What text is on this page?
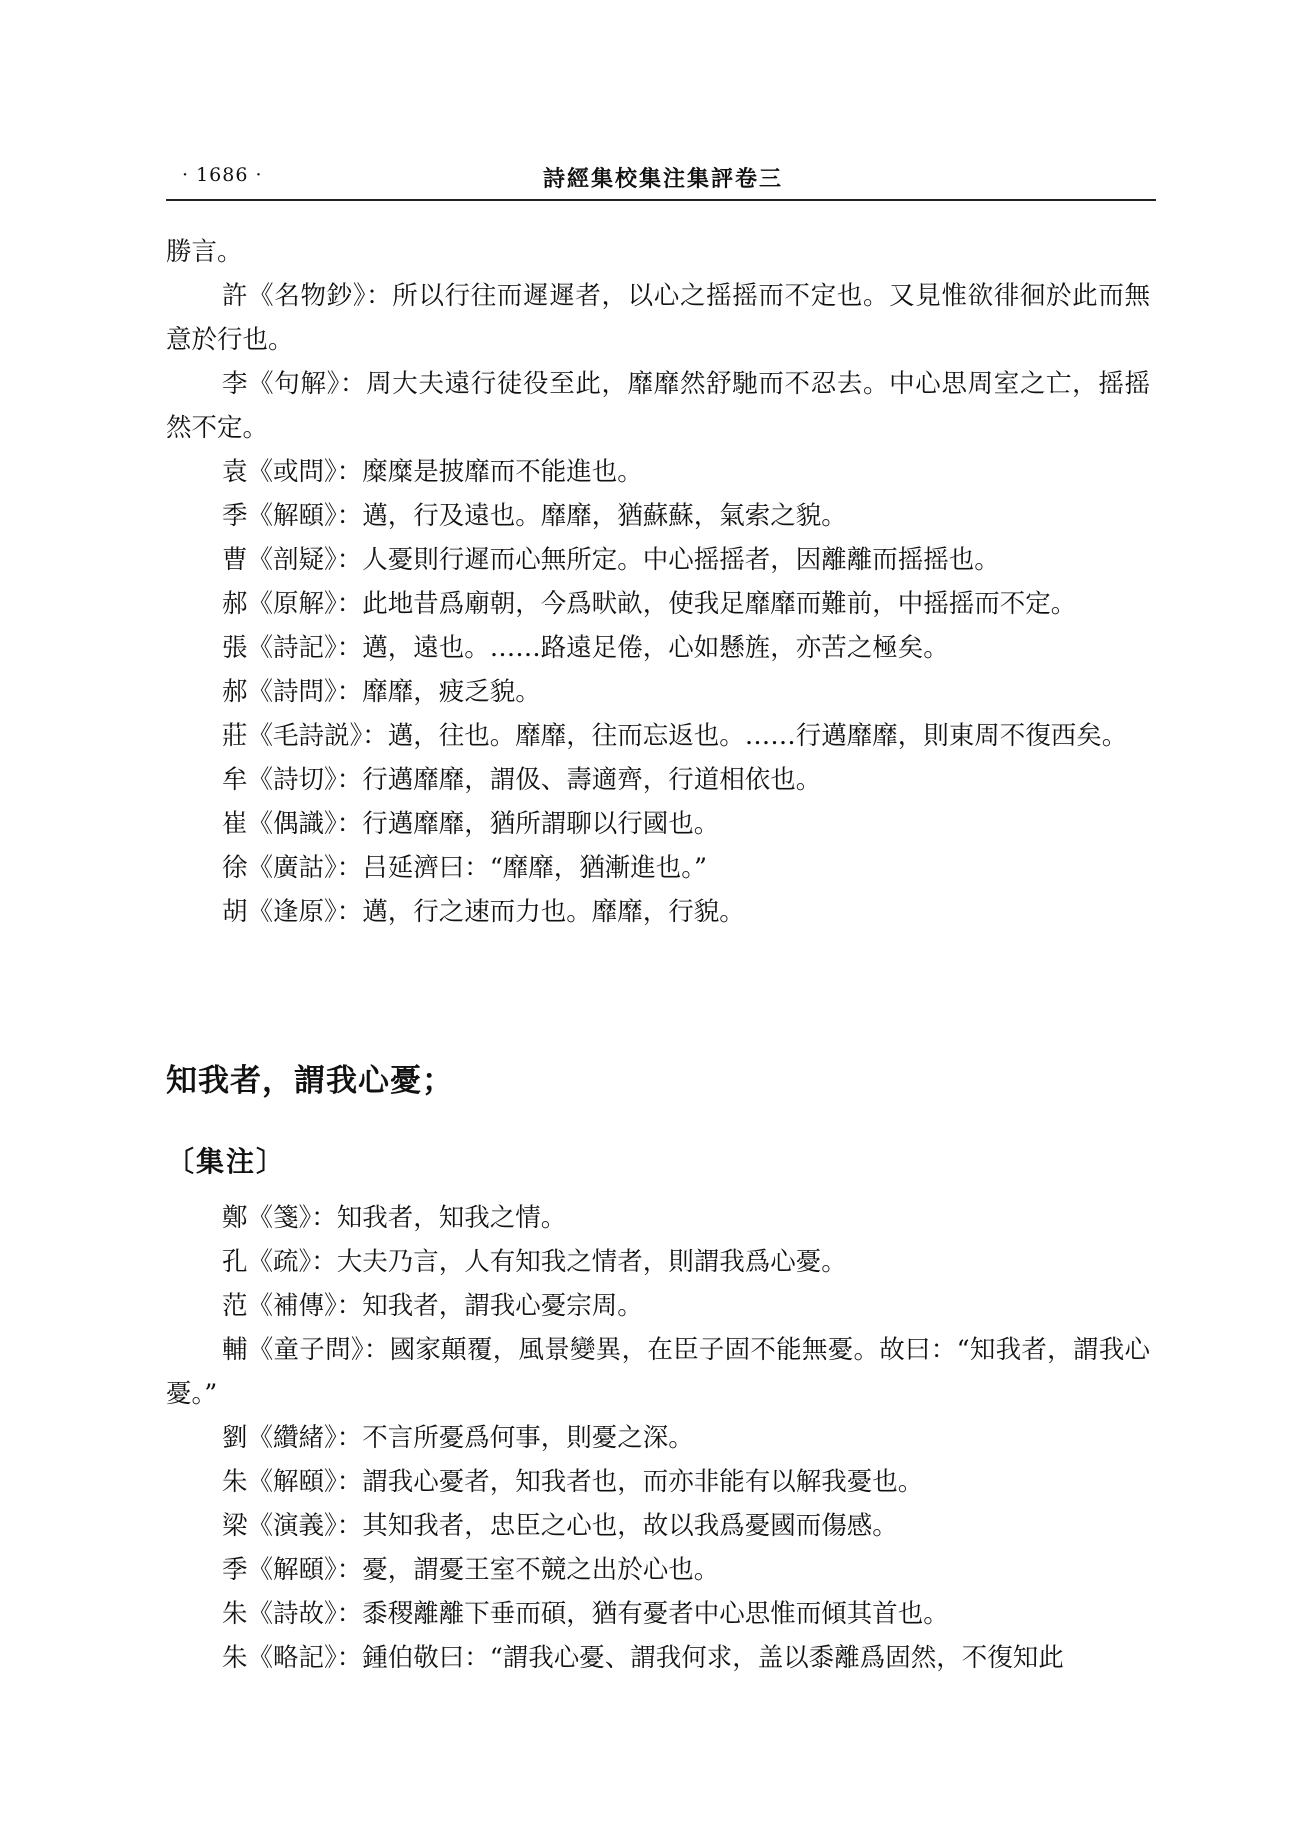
· 1686 ·	詩經集校集注集評卷三

勝言。

許《名物鈔》：所以行往而遲遲者，以心之摇摇而不定也。又見惟欲徘徊於此而無意於行也。

李《句解》：周大夫遠行徒役至此，靡靡然舒馳而不忍去。中心思周室之亡，摇摇然不定。

袁《或問》：糜糜是披靡而不能進也。

季《解頤》：邁，行及遠也。靡靡，猶蘇蘇，氣索之貌。

曹《剖疑》：人憂則行遲而心無所定。中心摇摇者，因離離而摇摇也。

郝《原解》：此地昔爲廟朝，今爲畎畝，使我足靡靡而難前，中摇摇而不定。

張《詩記》：邁，遠也。……路遠足倦，心如懸旌，亦苦之極矣。

郝《詩問》：靡靡，疲乏貌。

莊《毛詩説》：邁，往也。靡靡，往而忘返也。……行邁靡靡，則東周不復西矣。

牟《詩切》：行邁靡靡，謂伋、壽適齊，行道相依也。

崔《偶識》：行邁靡靡，猶所謂聊以行國也。

徐《廣詁》：吕延濟曰：“靡靡，猶漸進也。”

胡《逢原》：邁，行之速而力也。靡靡，行貌。

知我者，謂我心憂；
〔集注〕

鄭《箋》：知我者，知我之情。

孔《疏》：大夫乃言，人有知我之情者，則謂我爲心憂。

范《補傳》：知我者，謂我心憂宗周。

輔《童子問》：國家顛覆，風景變異，在臣子固不能無憂。故曰：“知我者，謂我心憂。”

劉《纘緒》：不言所憂爲何事，則憂之深。

朱《解頤》：謂我心憂者，知我者也，而亦非能有以解我憂也。

梁《演義》：其知我者，忠臣之心也，故以我爲憂國而傷感。

季《解頤》：憂，謂憂王室不競之出於心也。

朱《詩故》：黍稷離離下垂而碩，猶有憂者中心思惟而傾其首也。

朱《略記》：鍾伯敬曰：“謂我心憂、謂我何求，盖以黍離爲固然，不復知此
